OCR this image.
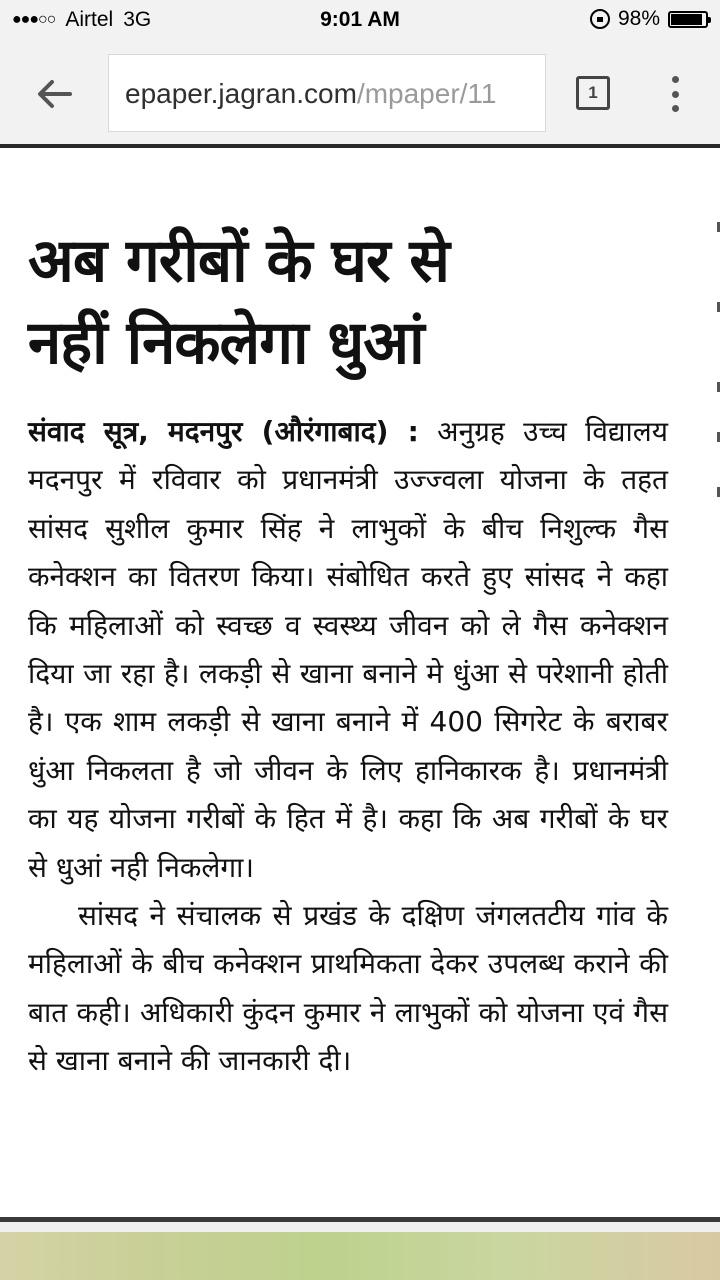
●●●○○ Airtel 3G	9:01 AM	98%
epaper.jagran.com/mpaper/11	1
अब गरीबों के घर से
नहीं निकलेगा धुआं

संवाद सूत्र, मदनपुर (औरंगाबाद) : अनुग्रह उच्च विद्यालय मदनपुर में रविवार को प्रधानमंत्री उज्ज्वला योजना के तहत सांसद सुशील कुमार सिंह ने लाभुकों के बीच निशुल्क गैस कनेक्शन का वितरण किया। संबोधित करते हुए सांसद ने कहा कि महिलाओं को स्वच्छ व स्वस्थ्य जीवन को ले गैस कनेक्शन दिया जा रहा है। लकड़ी से खाना बनाने मे धुंआ से परेशानी होती है। एक शाम लकड़ी से खाना बनाने में 400 सिगरेट के बराबर धुंआ निकलता है जो जीवन के लिए हानिकारक है। प्रधानमंत्री का यह योजना गरीबों के हित में है। कहा कि अब गरीबों के घर से धुआं नही निकलेगा।

सांसद ने संचालक से प्रखंड के दक्षिण जंगलतटीय गांव के महिलाओं के बीच कनेक्शन प्राथमिकता देकर उपलब्ध कराने की बात कही। अधिकारी कुंदन कुमार ने लाभुकों को योजना एवं गैस से खाना बनाने की जानकारी दी।
